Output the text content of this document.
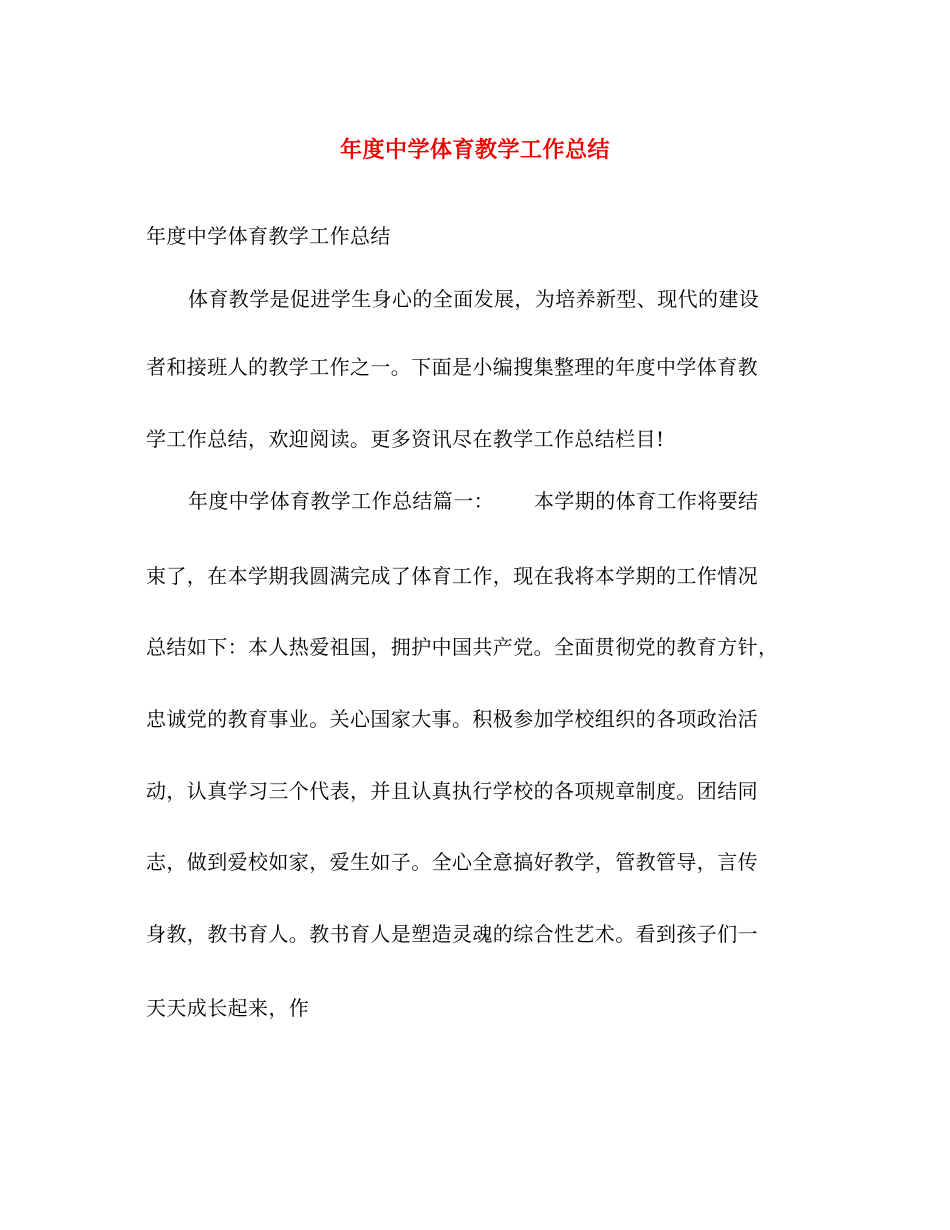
年度中学体育教学工作总结
年度中学体育教学工作总结
体育教学是促进学生身心的全面发展，为培养新型、现代的建设
者和接班人的教学工作之一。下面是小编搜集整理的年度中学体育教
学工作总结，欢迎阅读。更多资讯尽在教学工作总结栏目!
年度中学体育教学工作总结篇一： 本学期的体育工作将要结
束了，在本学期我圆满完成了体育工作，现在我将本学期的工作情况
总结如下：本人热爱祖国，拥护中国共产党。全面贯彻党的教育方针，
忠诚党的教育事业。关心国家大事。积极参加学校组织的各项政治活
动，认真学习三个代表，并且认真执行学校的各项规章制度。团结同
志，做到爱校如家，爱生如子。全心全意搞好教学，管教管导，言传
身教，教书育人。教书育人是塑造灵魂的综合性艺术。看到孩子们一
天天成长起来，作
